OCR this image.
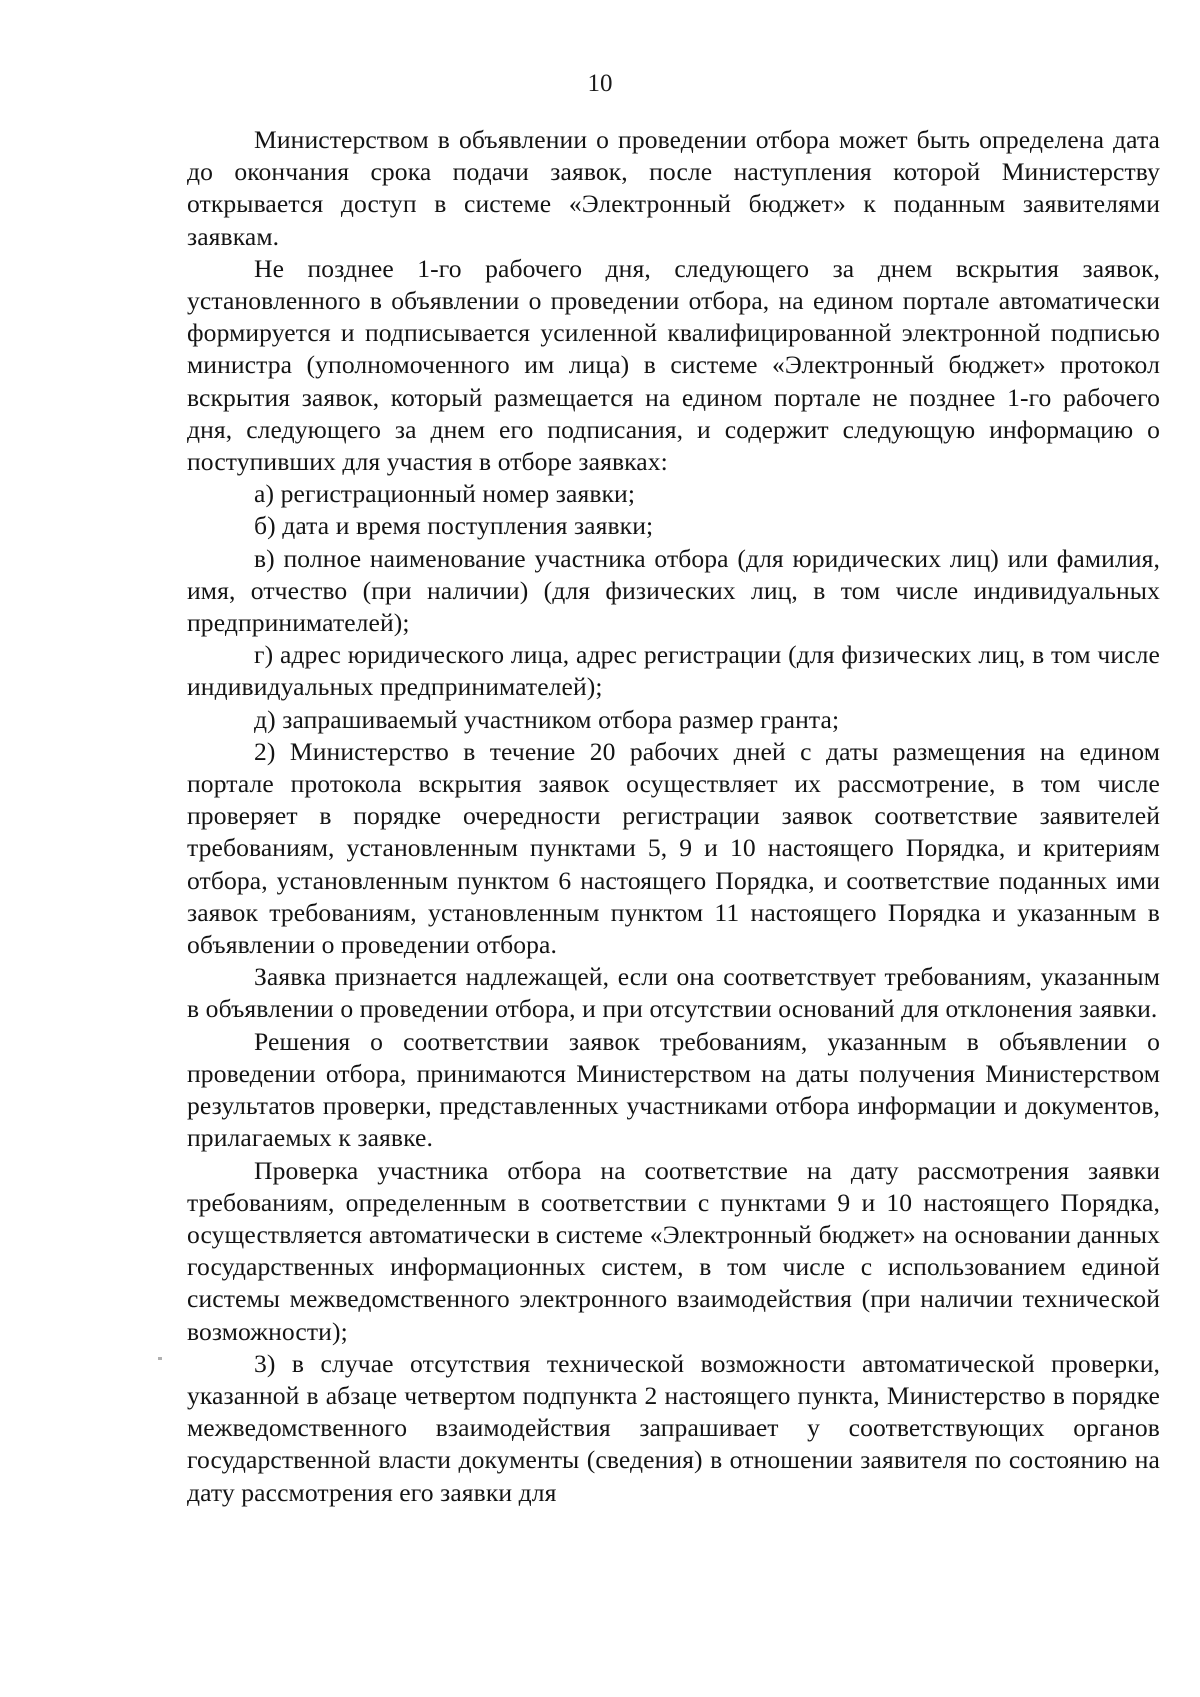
10

Министерством в объявлении о проведении отбора может быть определена дата до окончания срока подачи заявок, после наступления которой Министерству открывается доступ в системе «Электронный бюджет» к поданным заявителями заявкам.

Не позднее 1-го рабочего дня, следующего за днем вскрытия заявок, установленного в объявлении о проведении отбора, на едином портале автоматически формируется и подписывается усиленной квалифицированной электронной подписью министра (уполномоченного им лица) в системе «Электронный бюджет» протокол вскрытия заявок, который размещается на едином портале не позднее 1-го рабочего дня, следующего за днем его подписания, и содержит следующую информацию о поступивших для участия в отборе заявках:

а) регистрационный номер заявки;

б) дата и время поступления заявки;

в) полное наименование участника отбора (для юридических лиц) или фамилия, имя, отчество (при наличии) (для физических лиц, в том числе индивидуальных предпринимателей);

г) адрес юридического лица, адрес регистрации (для физических лиц, в том числе индивидуальных предпринимателей);

д) запрашиваемый участником отбора размер гранта;

2) Министерство в течение 20 рабочих дней с даты размещения на едином портале протокола вскрытия заявок осуществляет их рассмотрение, в том числе проверяет в порядке очередности регистрации заявок соответствие заявителей требованиям, установленным пунктами 5, 9 и 10 настоящего Порядка, и критериям отбора, установленным пунктом 6 настоящего Порядка, и соответствие поданных ими заявок требованиям, установленным пунктом 11 настоящего Порядка и указанным в объявлении о проведении отбора.

Заявка признается надлежащей, если она соответствует требованиям, указанным в объявлении о проведении отбора, и при отсутствии оснований для отклонения заявки.

Решения о соответствии заявок требованиям, указанным в объявлении о проведении отбора, принимаются Министерством на даты получения Министерством результатов проверки, представленных участниками отбора информации и документов, прилагаемых к заявке.

Проверка участника отбора на соответствие на дату рассмотрения заявки требованиям, определенным в соответствии с пунктами 9 и 10 настоящего Порядка, осуществляется автоматически в системе «Электронный бюджет» на основании данных государственных информационных систем, в том числе с использованием единой системы межведомственного электронного взаимодействия (при наличии технической возможности);

3) в случае отсутствия технической возможности автоматической проверки, указанной в абзаце четвертом подпункта 2 настоящего пункта, Министерство в порядке межведомственного взаимодействия запрашивает у соответствующих органов государственной власти документы (сведения) в отношении заявителя по состоянию на дату рассмотрения его заявки для
